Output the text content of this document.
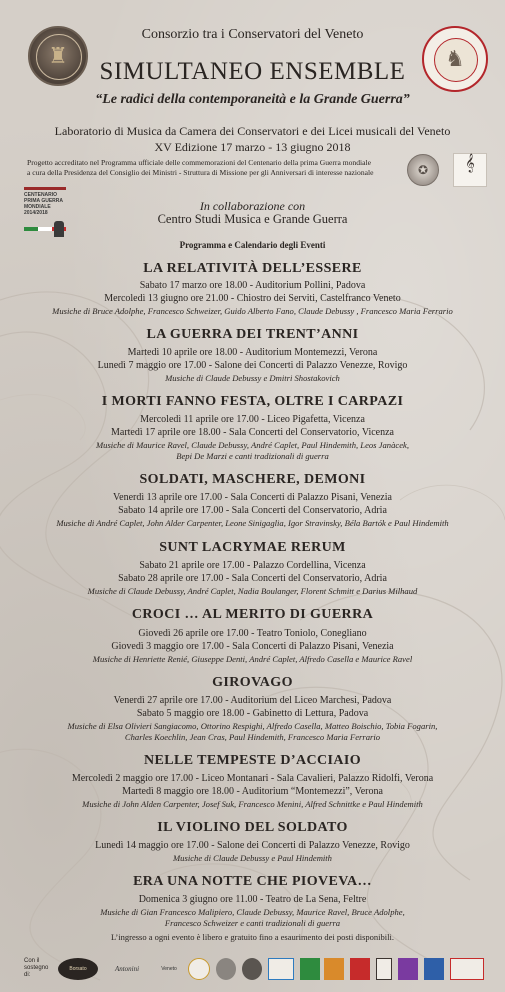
♜	♞
Consorzio tra i Conservatori del Veneto
SIMULTANEO ENSEMBLE
“Le radici della contemporaneità e la Grande Guerra”
Laboratorio di Musica da Camera dei Conservatori e dei Licei musicali del Veneto
XV Edizione 17 marzo - 13 giugno 2018
Progetto accreditato nel Programma ufficiale delle commemorazioni del Centenario della prima Guerra mondiale
a cura della Presidenza del Consiglio dei Ministri - Struttura di Missione per gli Anniversari di interesse nazionale	✪	𝄞
CENTENARIO
PRIMA GUERRA
MONDIALE
2014/2018	In collaborazione con
Centro Studi Musica e Grande Guerra
Programma e Calendario degli Eventi
LA RELATIVITÀ DELL’ESSERE
Sabato 17 marzo ore 18.00 - Auditorium Pollini, Padova
Mercoledì 13 giugno ore 21.00 - Chiostro dei Serviti, Castelfranco Veneto
Musiche di Bruce Adolphe, Francesco Schweizer, Guido Alberto Fano, Claude Debussy , Francesco Maria Ferrario
LA GUERRA DEI TRENT’ANNI
Martedì 10 aprile ore 18.00 - Auditorium Montemezzi, Verona
Lunedì 7 maggio ore 17.00 - Salone dei Concerti di Palazzo Venezze, Rovigo
Musiche di Claude Debussy e Dmitri Shostakovich
I MORTI FANNO FESTA, OLTRE I CARPAZI
Mercoledì 11 aprile ore 17.00 - Liceo Pigafetta, Vicenza
Martedì 17 aprile ore 18.00 - Sala Concerti del Conservatorio, Vicenza
Musiche di Maurice Ravel, Claude Debussy, André Caplet, Paul Hindemith, Leos Janàcek,
Bepi De Marzi e canti tradizionali di guerra
SOLDATI, MASCHERE, DEMONI
Venerdì 13 aprile ore 17.00 - Sala Concerti di Palazzo Pisani, Venezia
Sabato 14 aprile ore 17.00 - Sala Concerti del Conservatorio, Adria
Musiche di André Caplet, John Alder Carpenter, Leone Sinigaglia, Igor Stravinsky, Béla Bartók e Paul Hindemith
SUNT LACRYMAE RERUM
Sabato 21 aprile ore 17.00 - Palazzo Cordellina, Vicenza
Sabato 28 aprile ore 17.00 - Sala Concerti del Conservatorio, Adria
Musiche di Claude Debussy, André Caplet, Nadia Boulanger, Florent Schmitt e Darius Milhaud
CROCI … AL MERITO DI GUERRA
Giovedì 26 aprile ore 17.00 - Teatro Toniolo, Conegliano
Giovedì 3 maggio ore 17.00 - Sala Concerti di Palazzo Pisani, Venezia
Musiche di Henriette Renié, Giuseppe Denti, André Caplet, Alfredo Casella e Maurice Ravel
GIROVAGO
Venerdì 27 aprile ore 17.00 - Auditorium del Liceo Marchesi, Padova
Sabato 5 maggio ore 18.00 - Gabinetto di Lettura, Padova
Musiche di Elsa Olivieri Sangiacomo, Ottorino Respighi, Alfredo Casella, Matteo Boischio, Tobia Fogarin,
Charles Koechlin, Jean Cras, Paul Hindemith, Francesco Maria Ferrario
NELLE TEMPESTE D’ACCIAIO
Mercoledì 2 maggio ore 17.00 - Liceo Montanari - Sala Cavalieri, Palazzo Ridolfi, Verona
Martedì 8 maggio ore 18.00 - Auditorium “Montemezzi”, Verona
Musiche di John Alden Carpenter, Josef Suk, Francesco Menini, Alfred Schnittke e Paul Hindemith
IL VIOLINO DEL SOLDATO
Lunedì 14 maggio ore 17.00 - Salone dei Concerti di Palazzo Venezze, Rovigo
Musiche di Claude Debussy e Paul Hindemith
ERA UNA NOTTE CHE PIOVEVA…
Domenica 3 giugno ore 11.00 - Teatro de La Sena, Feltre
Musiche di Gian Francesco Malipiero, Claude Debussy, Maurice Ravel, Bruce Adolphe,
Francesco Schweizer e canti tradizionali di guerra
L’ingresso a ogni evento è libero e gratuito fino a esaurimento dei posti disponibili.
Con il
sostegno di:
Borsato	Antonini	Veneto
